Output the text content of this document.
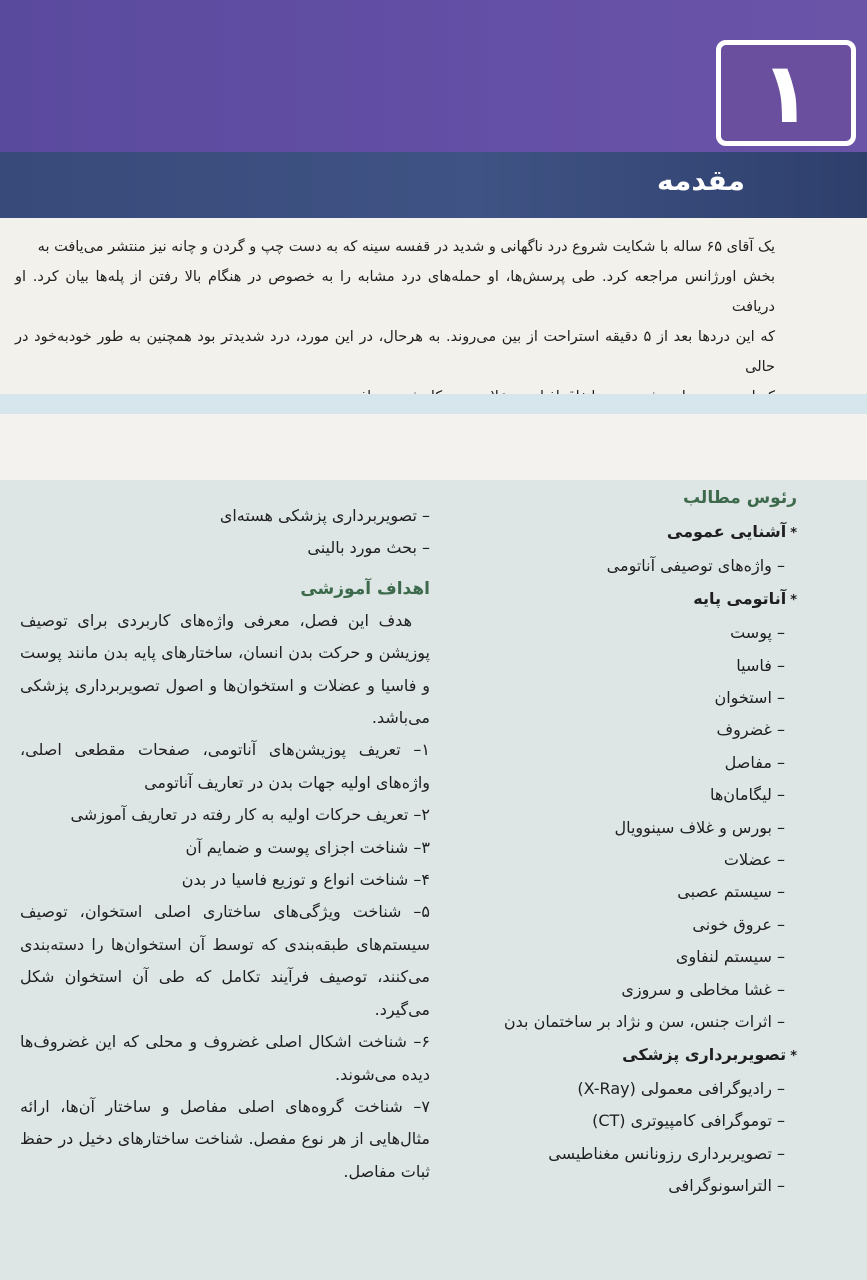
۱
مقدمه

یک آقای ۶۵ ساله با شکایت شروع درد ناگهانی و شدید در قفسه سینه که به دست چپ و گردن و چانه نیز منتشر می‌یافت به

بخش اورژانس مراجعه کرد. طی پرسش‌ها، او حمله‌های درد مشابه را به خصوص در هنگام بالا رفتن از پله‌ها بیان کرد. او دریافت

که این دردها بعد از ۵ دقیقه استراحت از بین می‌روند. به هرحال، در این مورد، درد شدیدتر بود همچنین به طور خودبه‌خود در حالی

رئوس مطالب

*آشنایی عمومی

– واژه‌های توصیفی آناتومی

*آناتومی پایه

– پوست

– فاسیا

– استخوان

– غضروف

– مفاصل

– لیگامان‌ها

– بورس و غلاف سینوویال

– عضلات

– سیستم عصبی

– عروق خونی

– سیستم لنفاوی

– غشا مخاطی و سروزی

– اثرات جنس، سن و نژاد بر ساختمان بدن

*تصویربرداری پزشکی

– رادیوگرافی معمولی (X-Ray)

– توموگرافی کامپیوتری (CT)

– تصویربرداری رزونانس مغناطیسی

– التراسونوگرافی

– تصویربرداری پزشکی هسته‌ای

– بحث مورد بالینی

اهداف آموزشی

هدف این فصل، معرفی واژه‌های کاربردی برای توصیف پوزیشن و حرکت بدن انسان، ساختارهای پایه بدن مانند پوست و فاسیا و عضلات و استخوان‌ها و اصول تصویربرداری پزشکی می‌باشد.

۱– تعریف پوزیشن‌های آناتومی، صفحات مقطعی اصلی، واژه‌های اولیه جهات بدن در تعاریف آناتومی

۲– تعریف حرکات اولیه به کار رفته در تعاریف آموزشی

۳– شناخت اجزای پوست و ضمایم آن

۴– شناخت انواع و توزیع فاسیا در بدن

۵– شناخت ویژگی‌های ساختاری اصلی استخوان، توصیف سیستم‌های طبقه‌بندی که توسط آن استخوان‌ها را دسته‌بندی می‌کنند، توصیف فرآیند تکامل که طی آن استخوان شکل می‌گیرد.

۶– شناخت اشکال اصلی غضروف و محلی که این غضروف‌ها دیده می‌شوند.

۷– شناخت گروه‌های اصلی مفاصل و ساختار آن‌ها، ارائه مثال‌هایی از هر نوع مفصل. شناخت ساختارهای دخیل در حفظ ثبات مفاصل.
